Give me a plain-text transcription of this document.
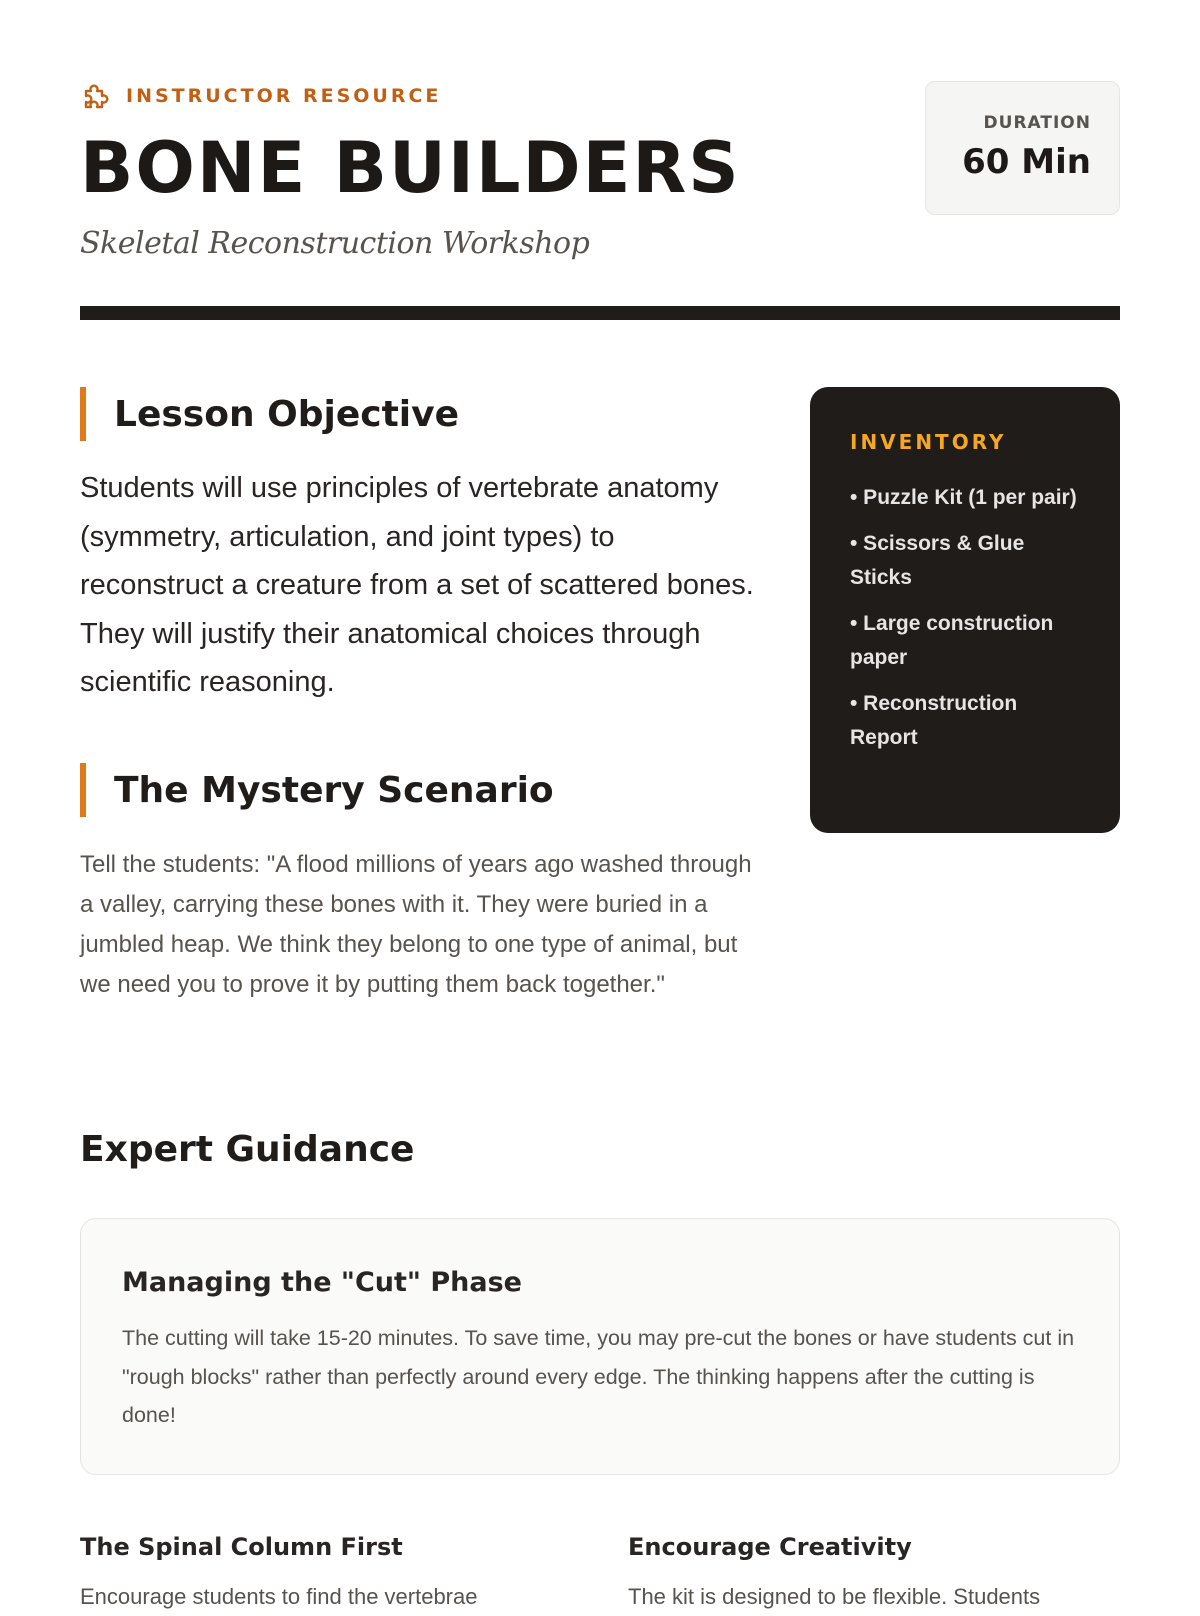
INSTRUCTOR RESOURCE
BONE BUILDERS
Skeletal Reconstruction Workshop
DURATION
60 Min
Lesson Objective

Students will use principles of vertebrate anatomy (symmetry, articulation, and joint types) to reconstruct a creature from a set of scattered bones. They will justify their anatomical choices through scientific reasoning.

The Mystery Scenario

Tell the students: "A flood millions of years ago washed through a valley, carrying these bones with it. They were buried in a jumbled heap. We think they belong to one type of animal, but we need you to prove it by putting them back together."

INVENTORY
• Puzzle Kit (1 per pair)
• Scissors & Glue Sticks
• Large construction paper
• Reconstruction Report
Expert Guidance
Managing the "Cut" Phase

The cutting will take 15-20 minutes. To save time, you may pre-cut the bones or have students cut in "rough blocks" rather than perfectly around every edge. The thinking happens after the cutting is done!

The Spinal Column First

Encourage students to find the vertebrae

Encourage Creativity

The kit is designed to be flexible. Students
